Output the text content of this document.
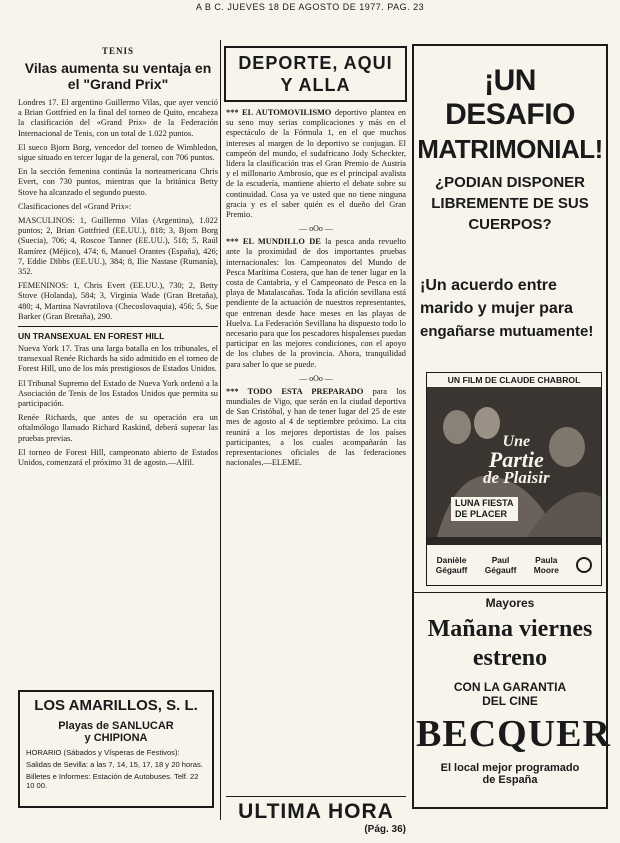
A B C. JUEVES 18 DE AGOSTO DE 1977. PAG. 23
TENIS
Vilas aumenta su ventaja en el "Grand Prix"

Londres 17. El argentino Guillermo Vilas, que ayer venció a Brian Gottfried en la final del torneo de Quito, encabeza la clasificación del «Grand Prix» de la Federación Internacional de Tenis, con un total de 1.022 puntos.

El sueco Bjorn Borg, vencedor del torneo de Wimbledon, sigue situado en tercer lugar de la general, con 706 puntos.

En la sección femenina continúa la norteamericana Chris Evert, con 730 puntos, mientras que la británica Betty Stove ha alcanzado el segundo puesto.

Clasificaciones del «Grand Prix»:

MASCULINOS: 1, Guillermo Vilas (Argentina), 1.022 puntos; 2, Brian Gottfried (EE.UU.), 818; 3, Bjorn Borg (Suecia), 706; 4, Roscoe Tanner (EE.UU.), 518; 5, Raúl Ramírez (Méjico), 474; 6, Manuel Orantes (España), 426; 7, Eddie Dibbs (EE.UU.), 384; 8, Ilie Nastase (Rumanía), 352.

FEMENINOS: 1, Chris Evert (EE.UU.), 730; 2, Betty Stove (Holanda), 584; 3, Virginia Wade (Gran Bretaña), 480; 4, Martina Navratilova (Checoslovaquia), 456; 5, Sue Barker (Gran Bretaña), 290.

UN TRANSEXUAL EN FOREST HILL

Nueva York 17. Tras una larga batalla en los tribunales, el transexual Renée Richards ha sido admitido en el torneo de Forest Hill, uno de los más prestigiosos de Estados Unidos.

El Tribunal Supremo del Estado de Nueva York ordenó a la Asociación de Tenis de los Estados Unidos que permita su participación.

Renée Richards, que antes de su operación era un oftalmólogo llamado Richard Raskind, deberá superar las pruebas previas.

El torneo de Forest Hill, campeonato abierto de Estados Unidos, comenzará el próximo 31 de agosto.—Alfil.

LOS AMARILLOS, S. L.
Playas de SANLUCAR
y CHIPIONA
HORARIO (Sábados y Vísperas de Festivos):
Salidas de Sevilla: a las 7, 14, 15, 17, 18 y 20 horas.
Billetes e Informes: Estación de Autobuses. Telf. 22 10 00.
DEPORTE, AQUI
Y ALLA

*** EL AUTOMOVILISMO deportivo plantea en su seno muy serias complicaciones y más en el espectáculo de la Fórmula 1, en el que muchos intereses al margen de lo deportivo se conjugan. El campeón del mundo, el sudafricano Jody Scheckter, lidera la clasificación tras el Gran Premio de Austria y el millonario Ambrosio, que es el principal avalista de la escudería, mantiene abierto el debate sobre su continuidad. Cosa ya ve usted que no tiene ninguna gracia y es el saber quién es el dueño del Gran Premio.

— oOo —

*** EL MUNDILLO DE la pesca anda revuelto ante la proximidad de dos importantes pruebas internacionales: los Campeonatos del Mundo de Pesca Marítima Costera, que han de tener lugar en la costa de Cantabria, y el Campeonato de Pesca en la playa de Matalascañas. Toda la afición sevillana está pendiente de la actuación de nuestros representantes, que entrenan desde hace meses en las playas de Huelva. La Federación Sevillana ha dispuesto todo lo necesario para que los pescadores hispalenses puedan participar en las mejores condiciones, con el apoyo de los clubes de la provincia. Ahora, tranquilidad para saber lo que se puede.

— oOo —

*** TODO ESTA PREPARADO para los mundiales de Vigo, que serán en la ciudad deportiva de San Cristóbal, y han de tener lugar del 25 de este mes de agosto al 4 de septiembre próximo. La cita reunirá a los mejores deportistas de los países participantes, a los cuales acompañarán las representaciones oficiales de las federaciones nacionales.—ELEME.

ULTIMA HORA
(Pág. 36)
¡UN DESAFIO
MATRIMONIAL!
¿PODIAN DISPONER
LIBREMENTE DE SUS
CUERPOS?
¡Un acuerdo entre
marido y mujer para
engañarse mutuamente!
UN FILM DE CLAUDE CHABROL
Une
Partie
de Plaisir
LUNA FIESTA
DE PLACER
Danièle
Gégauff
Paul
Gégauff
Paula
Moore
Mayores
Mañana viernes
estreno
CON LA GARANTIA
DEL CINE
BECQUER
El local mejor programado
de España
